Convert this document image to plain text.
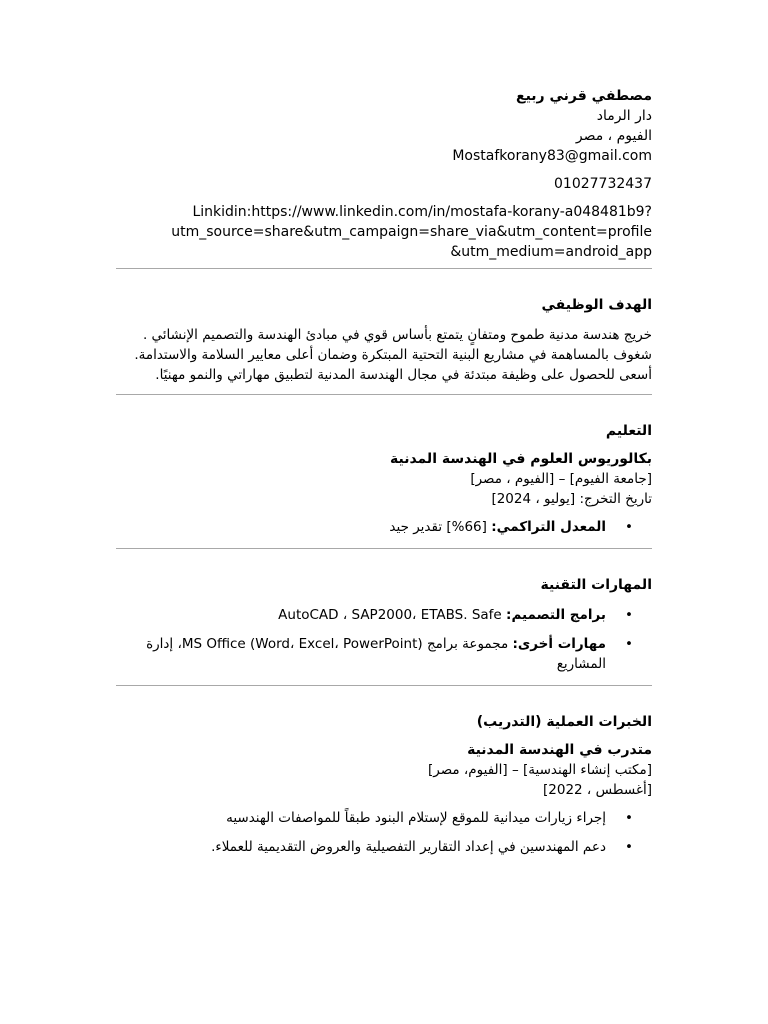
مصطفي قرني ربيع
دار الرماد
الفيوم ، مصر
Mostafkorany83@gmail.com
01027732437
Linkidin:https://www.linkedin.com/in/mostafa-korany-a048481b9?
utm_source=share&utm_campaign=share_via&utm_content=profile
&utm_medium=android_app
الهدف الوظيفي
خريج هندسة مدنية طموح ومتفانٍ يتمتع بأساس قوي في مبادئ الهندسة والتصميم الإنشائي . شغوف بالمساهمة في مشاريع البنية التحتية المبتكرة وضمان أعلى معايير السلامة والاستدامة. أسعى للحصول على وظيفة مبتدئة في مجال الهندسة المدنية لتطبيق مهاراتي والنمو مهنيًا.
التعليم
بكالوريوس العلوم في الهندسة المدنية
[جامعة الفيوم] – [الفيوم ، مصر]
تاريخ التخرج: [يوليو ، 2024]
•
المعدل التراكمي: [66%] تقدير جيد
المهارات التقنية
•
برامج التصميم: AutoCAD ، SAP2000، ETABS. Safe
•
مهارات أخرى: مجموعة برامج (MS Office (Word، Excel، PowerPoint، إدارة المشاريع
الخبرات العملية (التدريب)
متدرب في الهندسة المدنية
[مكتب إنشاء الهندسية] – [الفيوم، مصر]
[أغسطس ، 2022]
•
إجراء زيارات ميدانية للموقع لإستلام البنود طبقاً للمواصفات الهندسيه
•
دعم المهندسين في إعداد التقارير التفصيلية والعروض التقديمية للعملاء.
